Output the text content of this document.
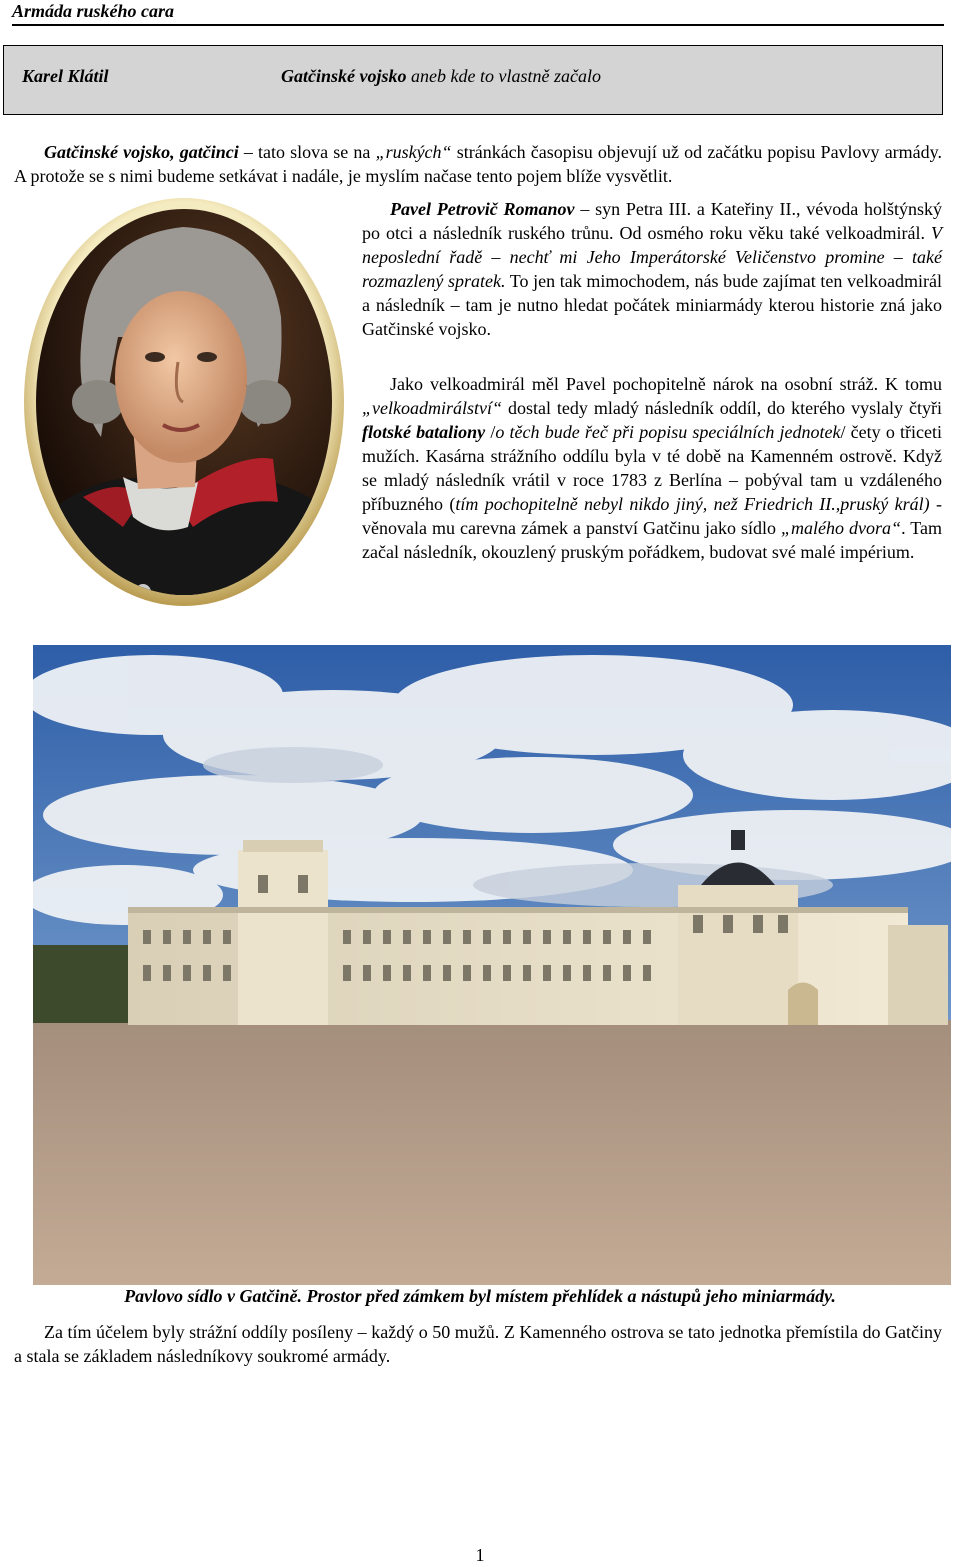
Armáda ruského cara
Karel Klátil	Gatčinské vojsko aneb kde to vlastně začalo

Gatčinské vojsko, gatčinci – tato slova se na „ruských“ stránkách časopisu objevují už od začátku popisu Pavlovy armády. A protože se s nimi budeme setkávat i nadále, je myslím načase tento pojem blíže vysvětlit.

Pavel Petrovič Romanov – syn Petra III. a Kateřiny II., vévoda holštýnský po otci a následník ruského trůnu. Od osmého roku věku také velkoadmirál. V neposlední řadě – nechť mi Jeho Imperátorské Veličenstvo promine – také rozmazlený spratek. To jen tak mimochodem, nás bude zajímat ten velkoadmirál a následník – tam je nutno hledat počátek miniarmády kterou historie zná jako Gatčinské vojsko.
Jako velkoadmirál měl Pavel pochopitelně nárok na osobní stráž. K tomu „velkoadmirálství“ dostal tedy mladý následník oddíl, do kterého vyslaly čtyři flotské bataliony /o těch bude řeč při popisu speciálních jednotek/ čety o třiceti mužích. Kasárna strážního oddílu byla v té době na Kamenném ostrově. Když se mladý následník vrátil v roce 1783 z Berlína – pobýval tam u vzdáleného příbuzného (tím pochopitelně nebyl nikdo jiný, než Friedrich II.,pruský král) - věnovala mu carevna zámek a panství Gatčinu jako sídlo „malého dvora“. Tam začal následník, okouzlený pruským pořádkem, budovat své malé impérium.
Pavlovo sídlo v Gatčině. Prostor před zámkem byl místem přehlídek a nástupů jeho miniarmády.

Za tím účelem byly strážní oddíly posíleny – každý o 50 mužů. Z Kamenného ostrova se tato jednotka přemístila do Gatčiny a stala se základem následníkovy soukromé armády.

1
